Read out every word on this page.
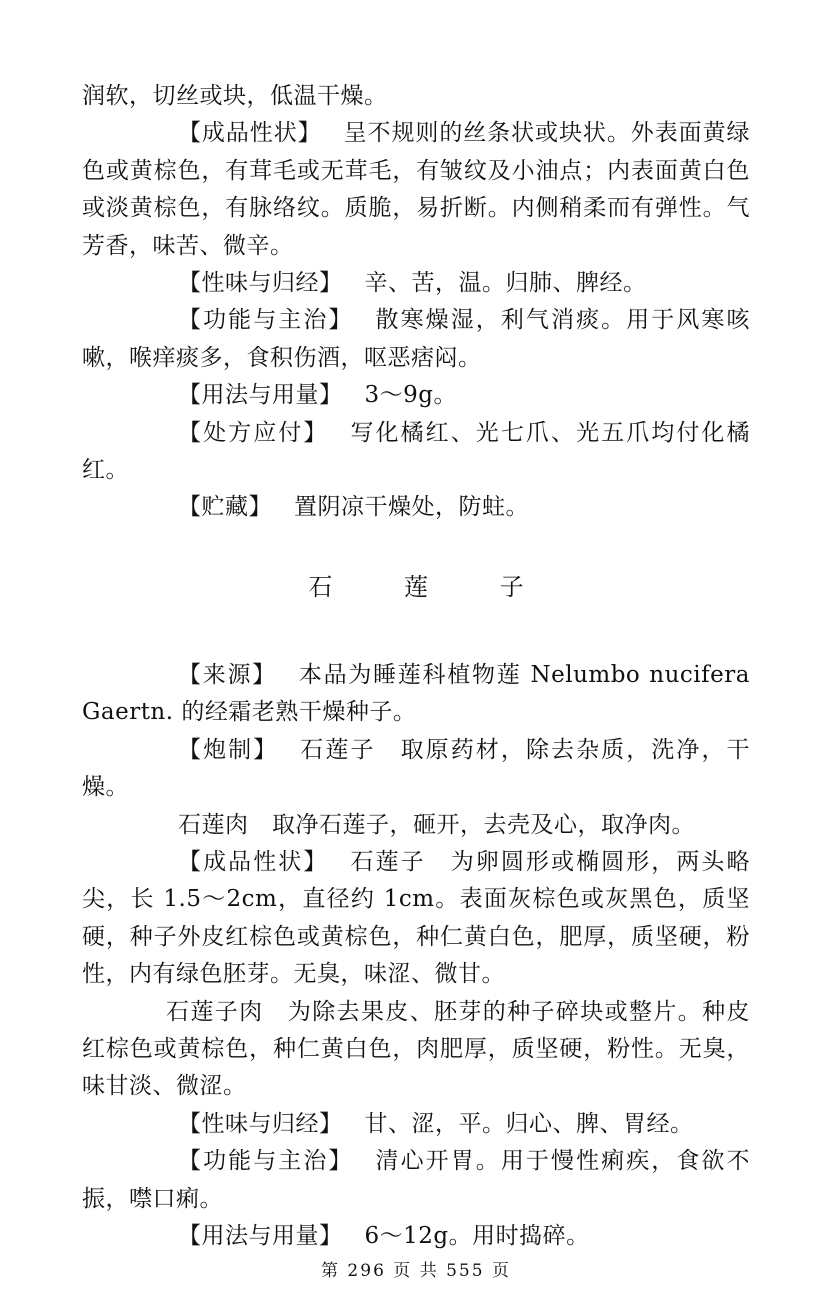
润软，切丝或块，低温干燥。

【成品性状】 呈不规则的丝条状或块状。外表面黄绿色或黄棕色，有茸毛或无茸毛，有皱纹及小油点；内表面黄白色或淡黄棕色，有脉络纹。质脆，易折断。内侧稍柔而有弹性。气芳香，味苦、微辛。

【性味与归经】 辛、苦，温。归肺、脾经。

【功能与主治】 散寒燥湿，利气消痰。用于风寒咳嗽，喉痒痰多，食积伤酒，呕恶痞闷。

【用法与用量】 3～9g。

【处方应付】 写化橘红、光七爪、光五爪均付化橘红。

【贮藏】 置阴凉干燥处，防蛀。

石 莲 子

【来源】 本品为睡莲科植物莲 Nelumbo nucifera Gaertn. 的经霜老熟干燥种子。

【炮制】 石莲子　取原药材，除去杂质，洗净，干燥。

石莲肉　取净石莲子，砸开，去壳及心，取净肉。

【成品性状】 石莲子　为卵圆形或椭圆形，两头略尖，长 1.5～2cm，直径约 1cm。表面灰棕色或灰黑色，质坚硬，种子外皮红棕色或黄棕色，种仁黄白色，肥厚，质坚硬，粉性，内有绿色胚芽。无臭，味涩、微甘。

石莲子肉　为除去果皮、胚芽的种子碎块或整片。种皮红棕色或黄棕色，种仁黄白色，肉肥厚，质坚硬，粉性。无臭，味甘淡、微涩。

【性味与归经】 甘、涩，平。归心、脾、胃经。

【功能与主治】 清心开胃。用于慢性痢疾，食欲不振，噤口痢。

【用法与用量】 6～12g。用时捣碎。

第 296 页 共 555 页
